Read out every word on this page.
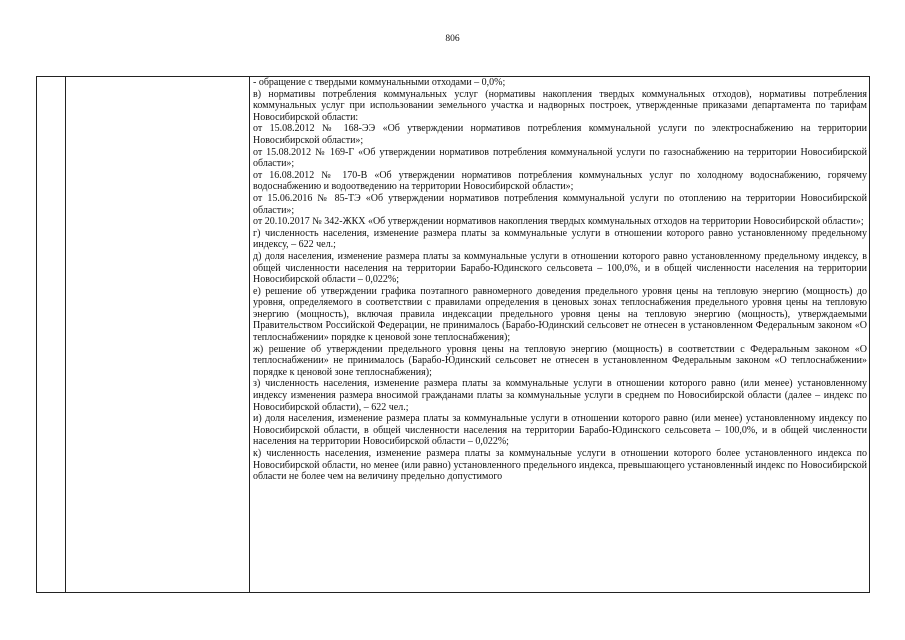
806

- обращение с твердыми коммунальными отходами – 0,0%;

в) нормативы потребления коммунальных услуг (нормативы накопления твердых коммунальных отходов), нормативы потребления коммунальных услуг при использовании земельного участка и надворных построек, утвержденные приказами департамента по тарифам Новосибирской области:

от 15.08.2012 № 168-ЭЭ «Об утверждении нормативов потребления коммунальной услуги по электроснабжению на территории Новосибирской области»;

от 15.08.2012 № 169-Г «Об утверждении нормативов потребления коммунальной услуги по газоснабжению на территории Новосибирской области»;

от 16.08.2012 № 170-В «Об утверждении нормативов потребления коммунальных услуг по холодному водоснабжению, горячему водоснабжению и водоотведению на территории Новосибирской области»;

от 15.06.2016 № 85-ТЭ «Об утверждении нормативов потребления коммунальной услуги по отоплению на территории Новосибирской области»;

от 20.10.2017 № 342-ЖКХ «Об утверждении нормативов накопления твердых коммунальных отходов на территории Новосибирской области»;

г) численность населения, изменение размера платы за коммунальные услуги в отношении которого равно установленному предельному индексу, – 622 чел.;

д) доля населения, изменение размера платы за коммунальные услуги в отношении которого равно установленному предельному индексу, в общей численности населения на территории Барабо-Юдинского сельсовета – 100,0%, и в общей численности населения на территории Новосибирской области – 0,022%;

е) решение об утверждении графика поэтапного равномерного доведения предельного уровня цены на тепловую энергию (мощность) до уровня, определяемого в соответствии с правилами определения в ценовых зонах теплоснабжения предельного уровня цены на тепловую энергию (мощность), включая правила индексации предельного уровня цены на тепловую энергию (мощность), утверждаемыми Правительством Российской Федерации, не принималось (Барабо-Юдинский сельсовет не отнесен в установленном Федеральным законом «О теплоснабжении» порядке к ценовой зоне теплоснабжения);

ж) решение об утверждении предельного уровня цены на тепловую энергию (мощность) в соответствии с Федеральным законом «О теплоснабжении» не принималось (Барабо-Юдинский сельсовет не отнесен в установленном Федеральным законом «О теплоснабжении» порядке к ценовой зоне теплоснабжения);

з) численность населения, изменение размера платы за коммунальные услуги в отношении которого равно (или менее) установленному индексу изменения размера вносимой гражданами платы за коммунальные услуги в среднем по Новосибирской области (далее – индекс по Новосибирской области), – 622 чел.;

и) доля населения, изменение размера платы за коммунальные услуги в отношении которого равно (или менее) установленному индексу по Новосибирской области, в общей численности населения на территории Барабо-Юдинского сельсовета – 100,0%, и в общей численности населения на территории Новосибирской области – 0,022%;

к) численность населения, изменение размера платы за коммунальные услуги в отношении которого более установленного индекса по Новосибирской области, но менее (или равно) установленного предельного индекса, превышающего установленный индекс по Новосибирской области не более чем на величину предельно допустимого
